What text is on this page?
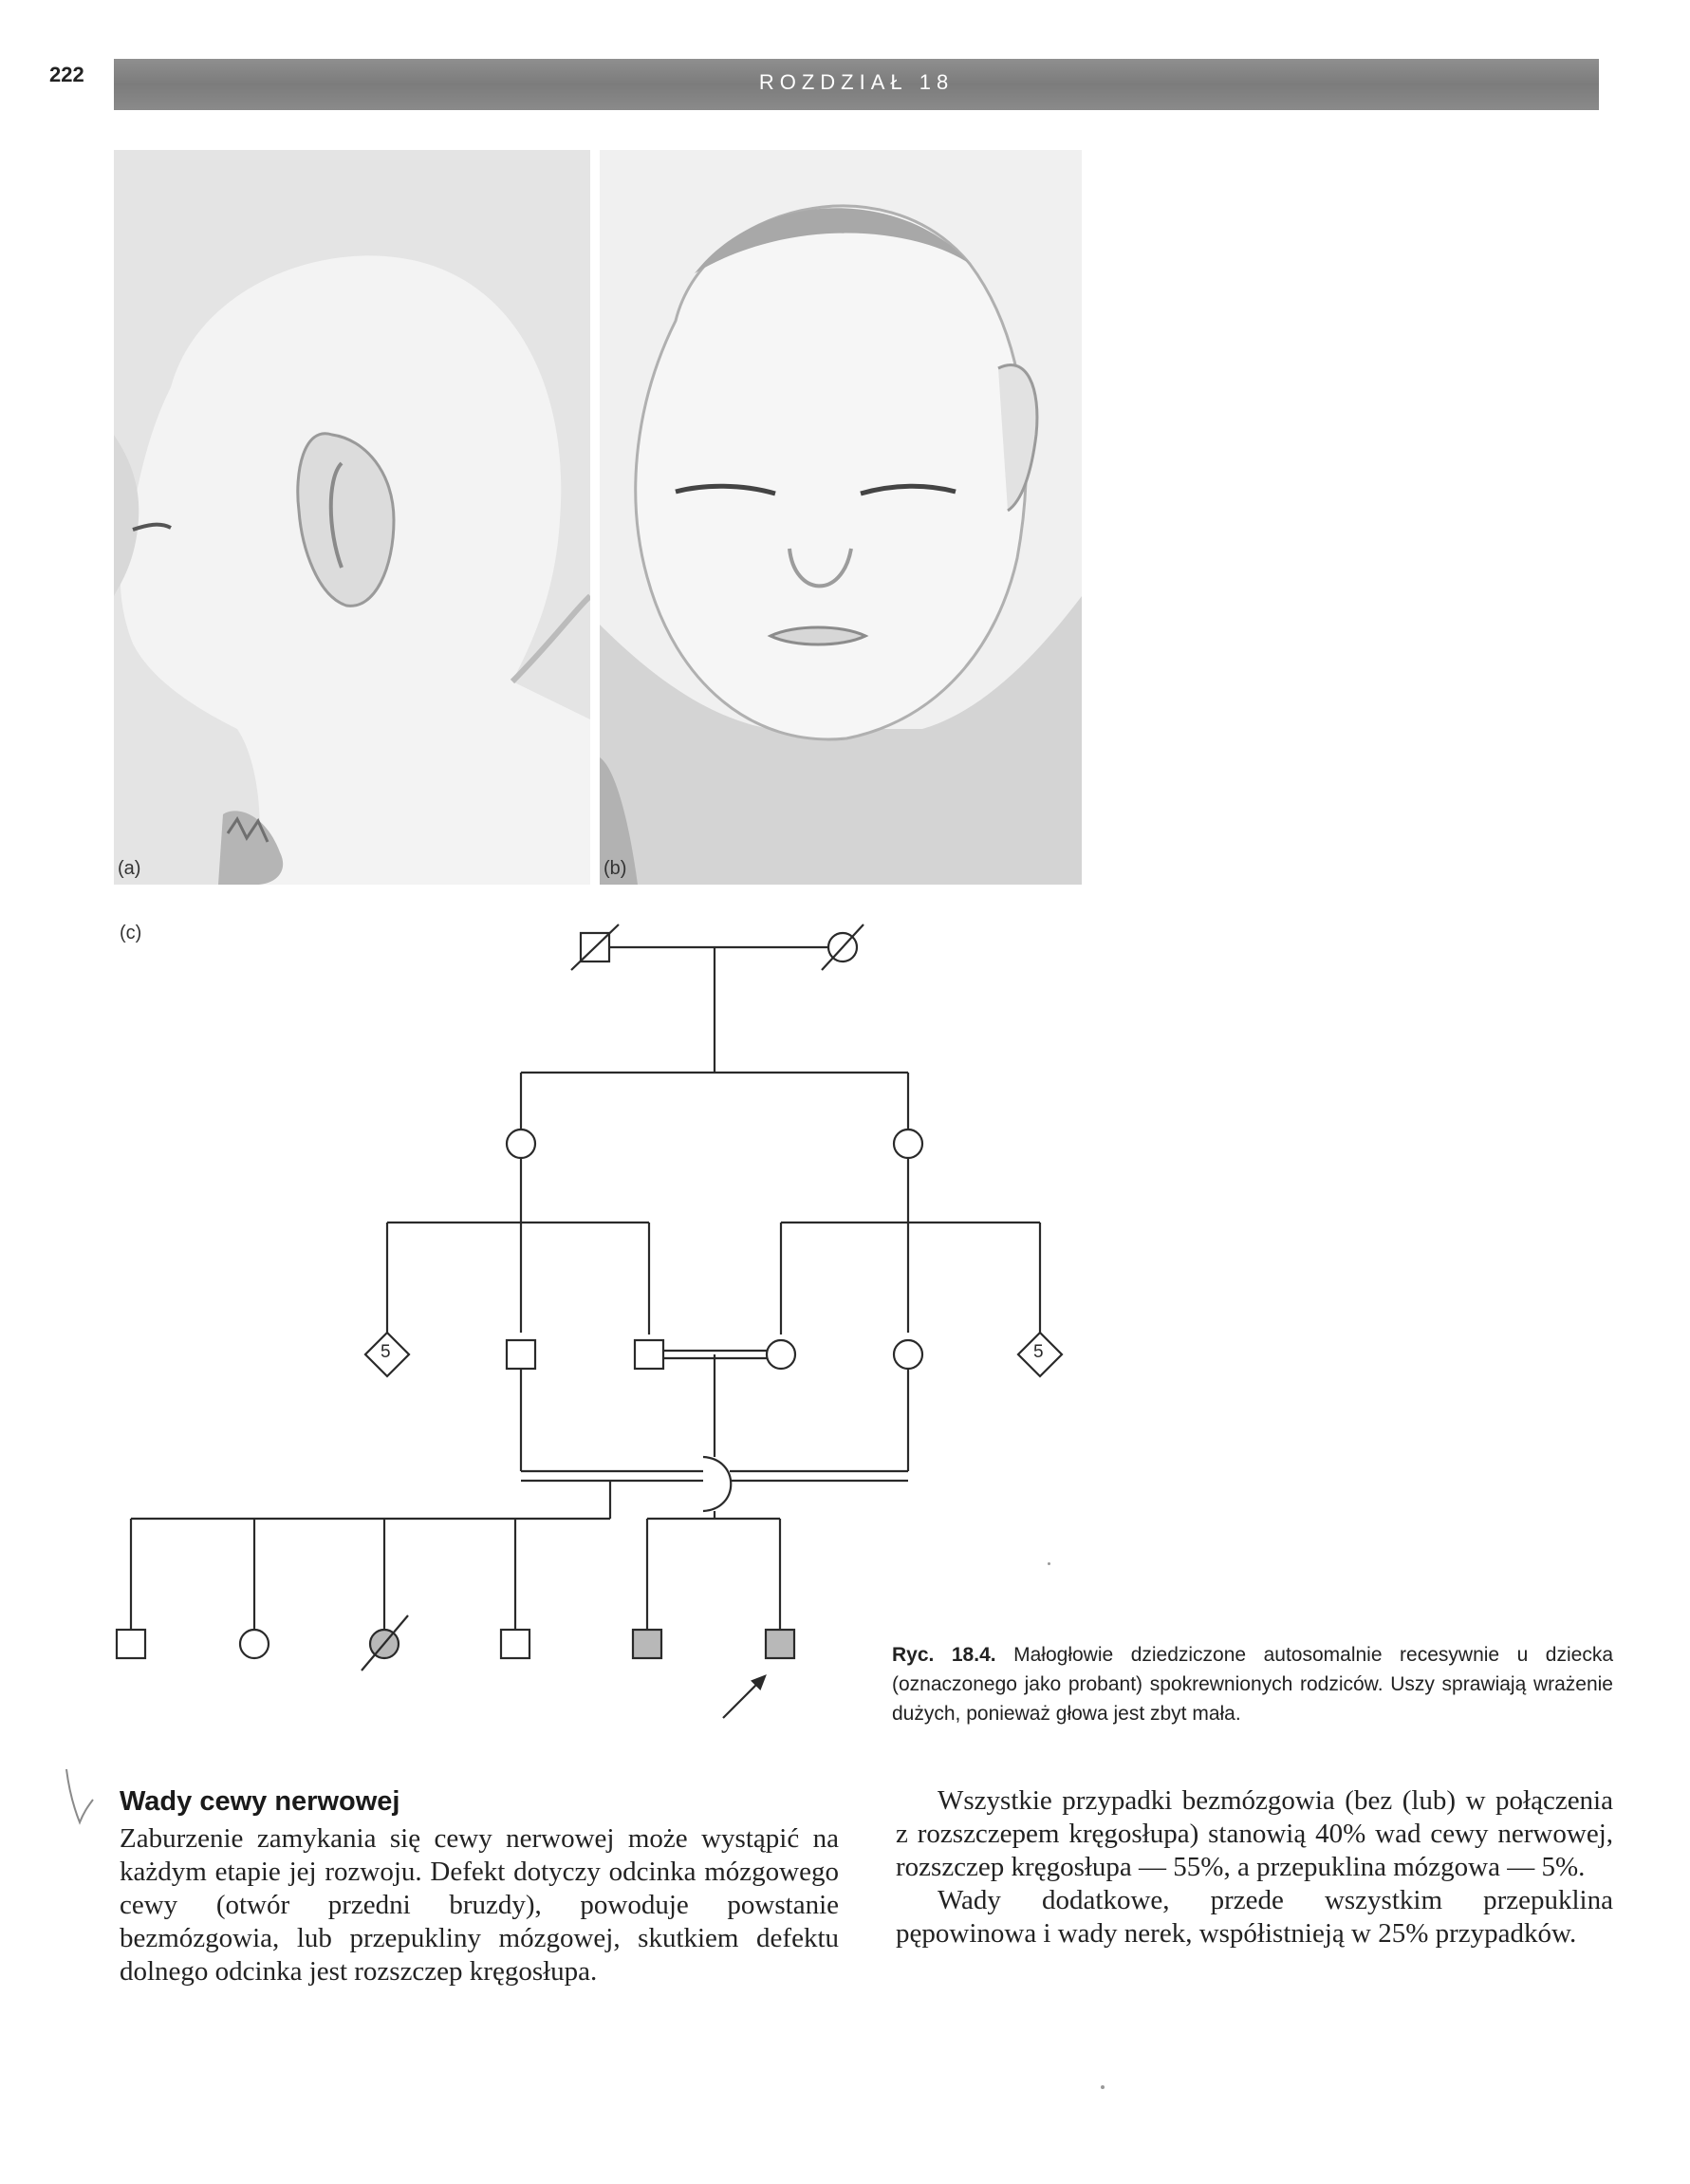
222	ROZDZIAŁ 18
(a)	(b)
(c)
5	5
Ryc. 18.4. Małogłowie dziedziczone autosomalnie recesywnie u dziecka (oznaczonego jako probant) spokrewnionych rodziców. Uszy sprawiają wrażenie dużych, ponieważ głowa jest zbyt mała.
Wady cewy nerwowej

Zaburzenie zamykania się cewy nerwowej może wystąpić na każdym etapie jej rozwoju. Defekt dotyczy odcinka mózgowego cewy (otwór przedni bruzdy), powoduje powstanie bezmózgowia, lub przepukliny mózgowej, skutkiem defektu dolnego odcinka jest rozszczep kręgosłupa.

Wszystkie przypadki bezmózgowia (bez (lub) w połączenia z rozszczepem kręgosłupa) stanowią 40% wad cewy nerwowej, rozszczep kręgosłupa — 55%, a przepuklina mózgowa — 5%.

Wady dodatkowe, przede wszystkim przepuklina pępowinowa i wady nerek, współistnieją w 25% przypadków.
